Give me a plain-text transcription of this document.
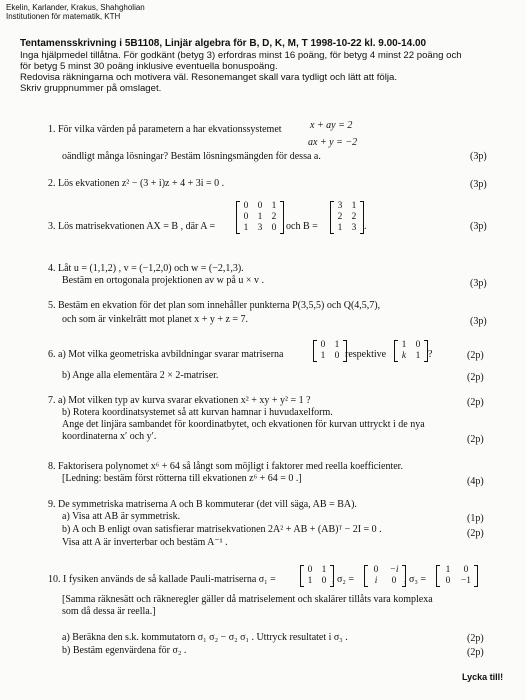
Ekelin, Karlander, Krakus, Shahgholian
Institutionen för matematik, KTH
Tentamensskrivning i 5B1108, Linjär algebra för B, D, K, M, T 1998-10-22 kl. 9.00-14.00
Inga hjälpmedel tillåtna. För godkänt (betyg 3) erfordras minst 16 poäng, för betyg 4 minst 22 poäng och
för betyg 5 minst 30 poäng inklusive eventuella bonuspoäng.
Redovisa räkningarna och motivera väl. Resonemanget skall vara tydligt och lätt att följa.
Skriv gruppnummer på omslaget.
1. För vilka värden på parametern a har ekvationssystemet	x + ay = 2
ax + y = −2
oändligt många lösningar? Bestäm lösningsmängden för dessa a.	(3p)
2. Lös ekvationen z² − (3 + i)z + 4 + 3i = 0 .	(3p)
3. Lös matrisekvationen AX = B , där A =
0 0 1
0 1 2
1 3 0 och B =
3 1
2 2
1 3 .	(3p)
4. Låt u = (1,1,2) , v = (−1,2,0) och w = (−2,1,3).
Bestäm en ortogonala projektionen av w på u × v .	(3p)
5. Bestäm en ekvation för det plan som innehåller punkterna P(3,5,5) och Q(4,5,7),
och som är vinkelrätt mot planet x + y + z = 7.	(3p)
6. a) Mot vilka geometriska avbildningar svarar matriserna
0 1
1 0 respektive
1 0
k 1 ?	(2p)
b) Ange alla elementära 2 × 2-matriser.	(2p)
7. a) Mot vilken typ av kurva svarar ekvationen x² + xy + y² = 1 ?	(2p)
b) Rotera koordinatsystemet så att kurvan hamnar i huvudaxelform.
Ange det linjära sambandet för koordinatbytet, och ekvationen för kurvan uttryckt i de nya
koordinaterna x′ och y′.	(2p)
8. Faktorisera polynomet x⁶ + 64 så långt som möjligt i faktorer med reella koefficienter.
[Ledning: bestäm först rötterna till ekvationen z⁶ + 64 = 0 .]	(4p)
9. De symmetriska matriserna A och B kommuterar (det vill säga, AB = BA).
a) Visa att AB är symmetrisk.	(1p)
b) A och B enligt ovan satisfierar matrisekvationen 2A² + AB + (AB)ᵀ − 2I = 0 .	(2p)
Visa att A är inverterbar och bestäm A⁻¹ .
10. I fysiken används de så kallade Pauli-matriserna σ₁ =
0 1
1 0 , σ₂ =
0	−i
i	0 , σ₃ =
1	0
0	−1
[Samma räknesätt och räkneregler gäller då matriselement och skalärer tillåts vara komplexa
som då dessa är reella.]
a) Beräkna den s.k. kommutatorn σ₁ σ₂ − σ₂ σ₁ . Uttryck resultatet i σ₃ .	(2p)
b) Bestäm egenvärdena för σ₂ .	(2p)
Lycka till!
